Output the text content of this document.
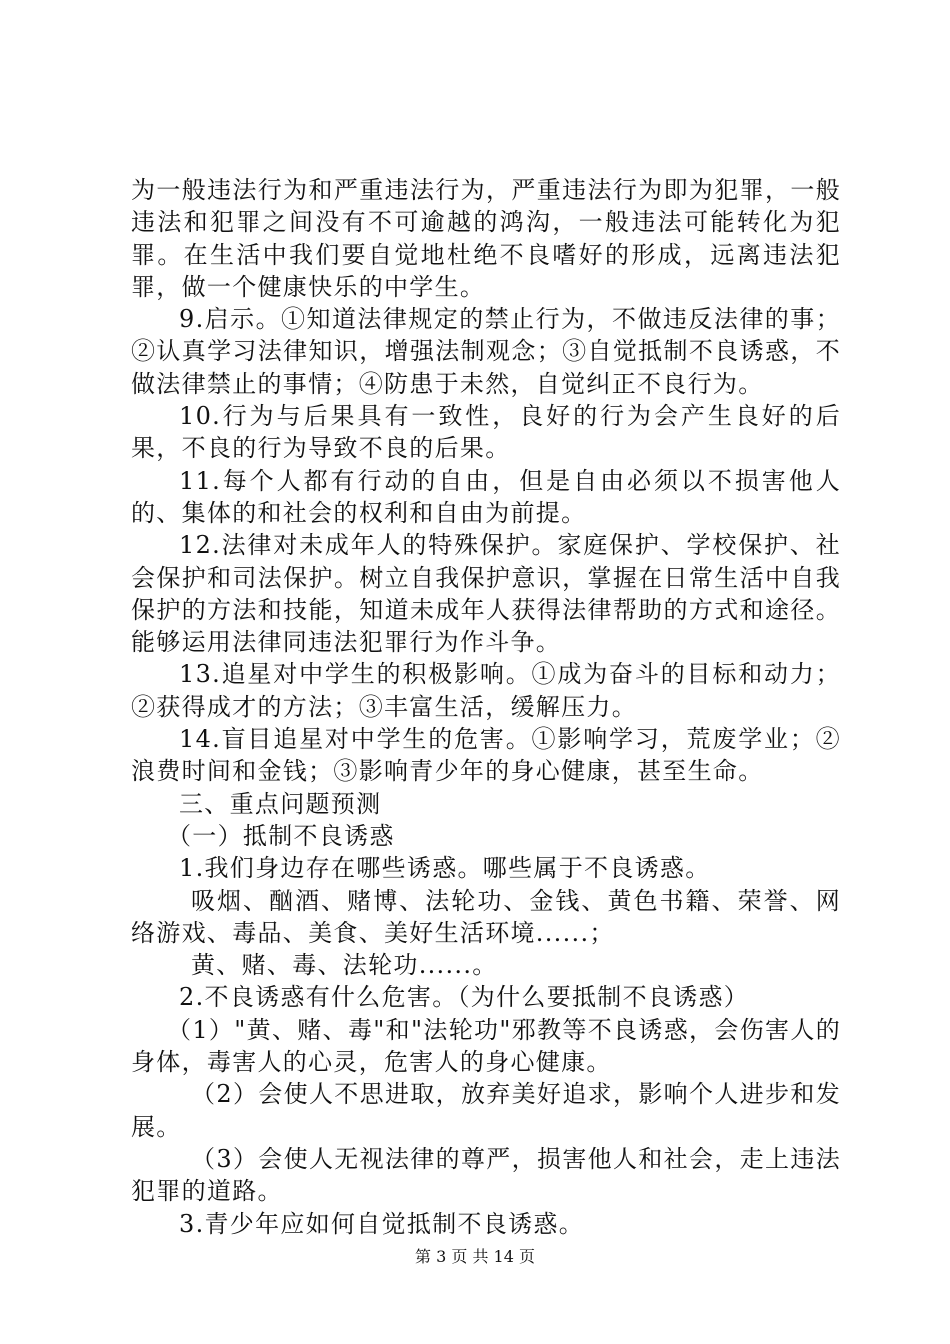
为一般违法行为和严重违法行为，严重违法行为即为犯罪，一般违法和犯罪之间没有不可逾越的鸿沟，一般违法可能转化为犯罪。在生活中我们要自觉地杜绝不良嗜好的形成，远离违法犯罪，做一个健康快乐的中学生。

9.启示。①知道法律规定的禁止行为，不做违反法律的事；②认真学习法律知识，增强法制观念；③自觉抵制不良诱惑，不做法律禁止的事情；④防患于未然，自觉纠正不良行为。

10.行为与后果具有一致性，良好的行为会产生良好的后果，不良的行为导致不良的后果。

11.每个人都有行动的自由，但是自由必须以不损害他人的、集体的和社会的权利和自由为前提。

12.法律对未成年人的特殊保护。家庭保护、学校保护、社会保护和司法保护。树立自我保护意识，掌握在日常生活中自我保护的方法和技能，知道未成年人获得法律帮助的方式和途径。能够运用法律同违法犯罪行为作斗争。

13.追星对中学生的积极影响。①成为奋斗的目标和动力；②获得成才的方法；③丰富生活，缓解压力。

14.盲目追星对中学生的危害。①影响学习，荒废学业；②浪费时间和金钱；③影响青少年的身心健康，甚至生命。

三、重点问题预测

（一）抵制不良诱惑

1.我们身边存在哪些诱惑。哪些属于不良诱惑。

吸烟、酗酒、赌博、法轮功、金钱、黄色书籍、荣誉、网络游戏、毒品、美食、美好生活环境......；

黄、赌、毒、法轮功......。

2.不良诱惑有什么危害。（为什么要抵制不良诱惑）

（1）"黄、赌、毒"和"法轮功"邪教等不良诱惑，会伤害人的身体，毒害人的心灵，危害人的身心健康。

（2）会使人不思进取，放弃美好追求，影响个人进步和发展。

（3）会使人无视法律的尊严，损害他人和社会，走上违法犯罪的道路。

3.青少年应如何自觉抵制不良诱惑。

第 3 页 共 14 页
